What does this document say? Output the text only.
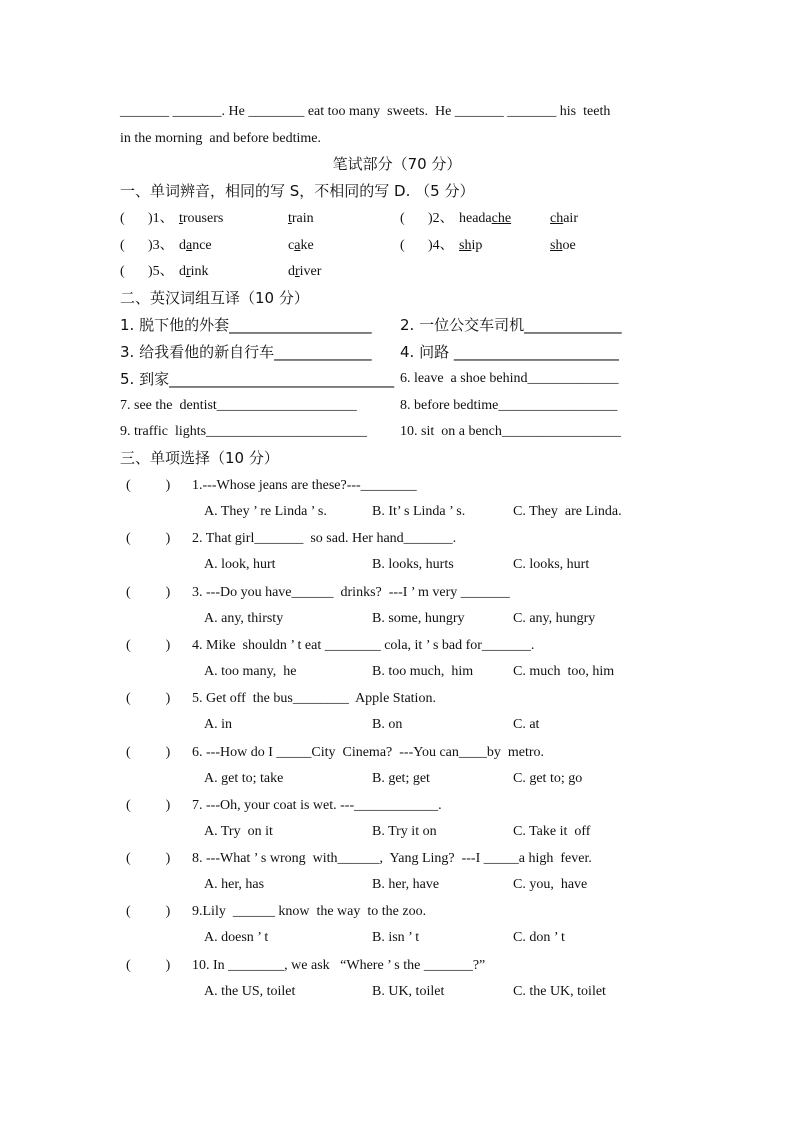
_______ _______. He ________ eat too many  sweets.  He _______ _______ his  teeth
in the morning  and before bedtime.
笔试部分（70 分）
一、单词辨音，相同的写 S，不相同的写 D. （5 分）
( )1、 trousers	train	( )2、 headache	chair
( )3、 dance	cake	( )4、 ship	shoe
( )5、 drink	driver
二、英汉词组互译（10 分）
1. 脱下他的外套___________________ 2. 一位公交车司机_____________
3. 给我看他的新自行车_____________ 4. 问路 ______________________
5. 到家______________________________ 6. leave  a shoe behind_____________
7. see the  dentist____________________	8. before bedtime_________________
9. traffic  lights_______________________ 10. sit  on a bench_________________
三、单项选择（10 分）
(          ) 1.---Whose jeans are these?---________
A. They ’ re Linda ’ s.	B. It’ s Linda ’ s.	C. They  are Linda.
(          ) 2. That girl_______  so sad. Her hand_______.
A. look, hurt	B. looks, hurts	C. looks, hurt
(          ) 3. ---Do you have______  drinks?  ---I ’ m very _______
A. any, thirsty	B. some, hungry	C. any, hungry
(          ) 4. Mike  shouldn ’ t eat ________ cola, it ’ s bad for_______.
A. too many,  he	B. too much,  him	C. much  too, him
(          ) 5. Get off  the bus________  Apple Station.
A. in	B. on	C. at
(          ) 6. ---How do I _____City  Cinema?  ---You can____by  metro.
A. get to; take	B. get; get	C. get to; go
(          ) 7. ---Oh, your coat is wet. ---____________.
A. Try  on it	B. Try it on	C. Take it  off
(          ) 8. ---What ’ s wrong  with______,  Yang Ling?  ---I _____a high  fever.
A. her, has	B. her, have	C. you,  have
(          ) 9.Lily  ______ know  the way  to the zoo.
A. doesn ’ t	B. isn ’ t	C. don ’ t
(          ) 10. In ________, we ask   “Where ’ s the _______?”
A. the US, toilet	B. UK, toilet	C. the UK, toilet
